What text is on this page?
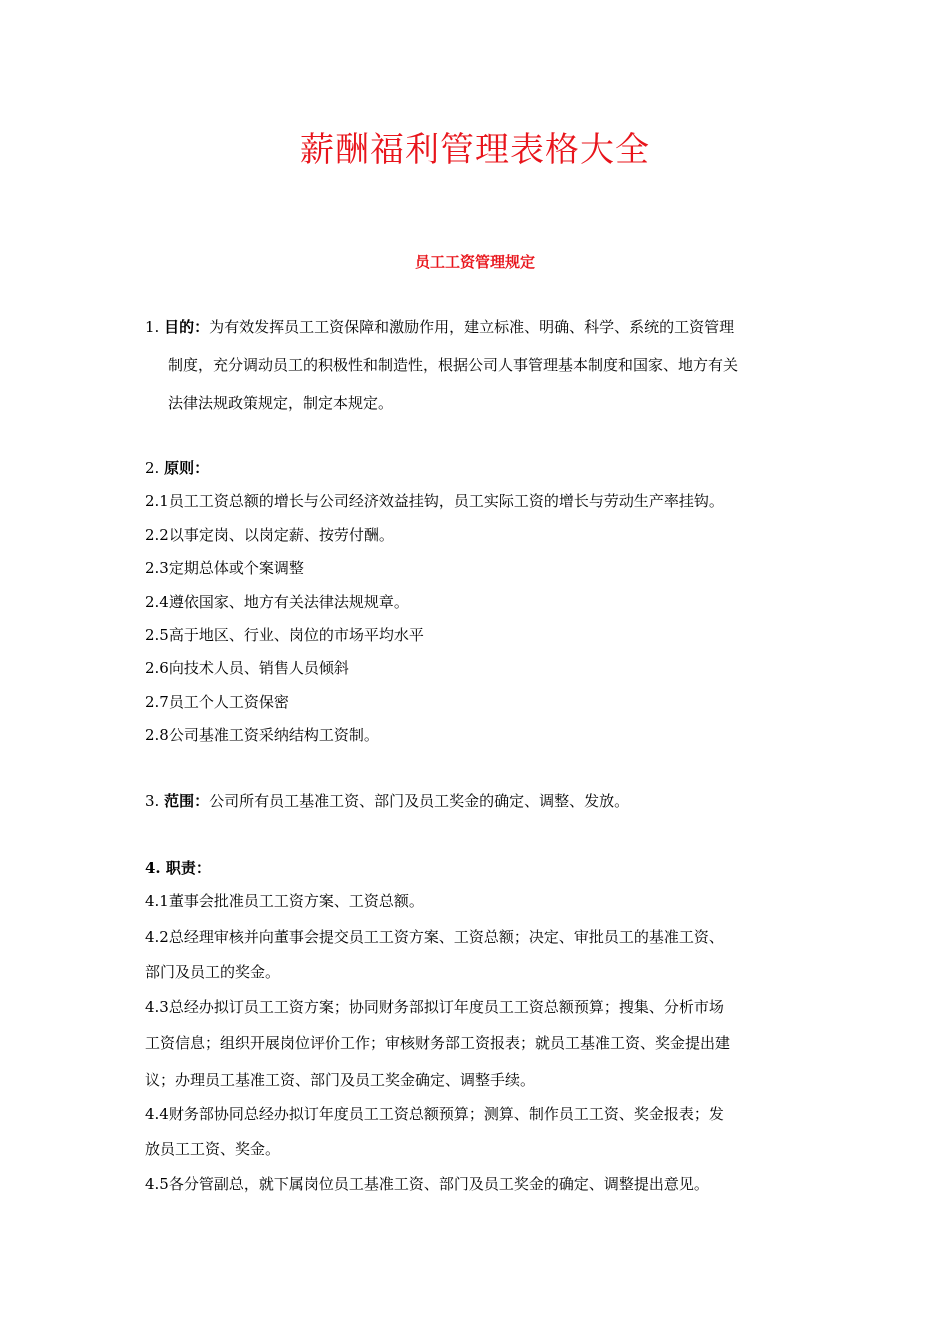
薪酬福利管理表格大全
员工工资管理规定
1. 目的：为有效发挥员工工资保障和激励作用，建立标准、明确、科学、系统的工资管理
制度，充分调动员工的积极性和制造性，根据公司人事管理基本制度和国家、地方有关
法律法规政策规定，制定本规定。
2. 原则：
2.1员工工资总额的增长与公司经济效益挂钩，员工实际工资的增长与劳动生产率挂钩。
2.2以事定岗、以岗定薪、按劳付酬。
2.3定期总体或个案调整
2.4遵依国家、地方有关法律法规规章。
2.5高于地区、行业、岗位的市场平均水平
2.6向技术人员、销售人员倾斜
2.7员工个人工资保密
2.8公司基准工资采纳结构工资制。
3. 范围：公司所有员工基准工资、部门及员工奖金的确定、调整、发放。
4. 职责：
4.1董事会批准员工工资方案、工资总额。
4.2总经理审核并向董事会提交员工工资方案、工资总额；决定、审批员工的基准工资、
部门及员工的奖金。
4.3总经办拟订员工工资方案；协同财务部拟订年度员工工资总额预算；搜集、分析市场
工资信息；组织开展岗位评价工作；审核财务部工资报表；就员工基准工资、奖金提出建
议；办理员工基准工资、部门及员工奖金确定、调整手续。
4.4财务部协同总经办拟订年度员工工资总额预算；测算、制作员工工资、奖金报表；发
放员工工资、奖金。
4.5各分管副总，就下属岗位员工基准工资、部门及员工奖金的确定、调整提出意见。
